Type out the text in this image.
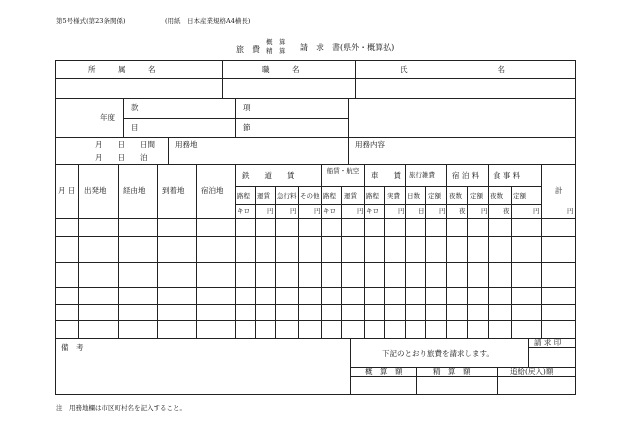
第5号様式(第23条関係)	(用紙　日本産業規格A4横長)
旅　費
概　算
精　算 請　求　書(県外・概算払)
所　　　属　　　名	職　　　名	氏　　　　　　　　　　　　名
年度
款	項
目	節
月　　日　　日間
月　　日　　泊
用務地	用務内容
月 日 出発地 経由地 到着地 宿泊地
鉄　　道　　賃	船賃・航空 車　　賃 旅行雑費 宿 泊 料 食 事 料
計
路程 運賃 急行料 その他 路程 運賃 路程 実費 日数 定額 夜数 定額 夜数 定額
キロ	円	円	円 キロ	円 キロ	円 日 円 夜 円 夜	円	円
備　考
下記のとおり旅費を請求します。
請 求 印
概　算　額	精　算　額	追給(戻入)額
注　用務地欄は市区町村名を記入すること。
